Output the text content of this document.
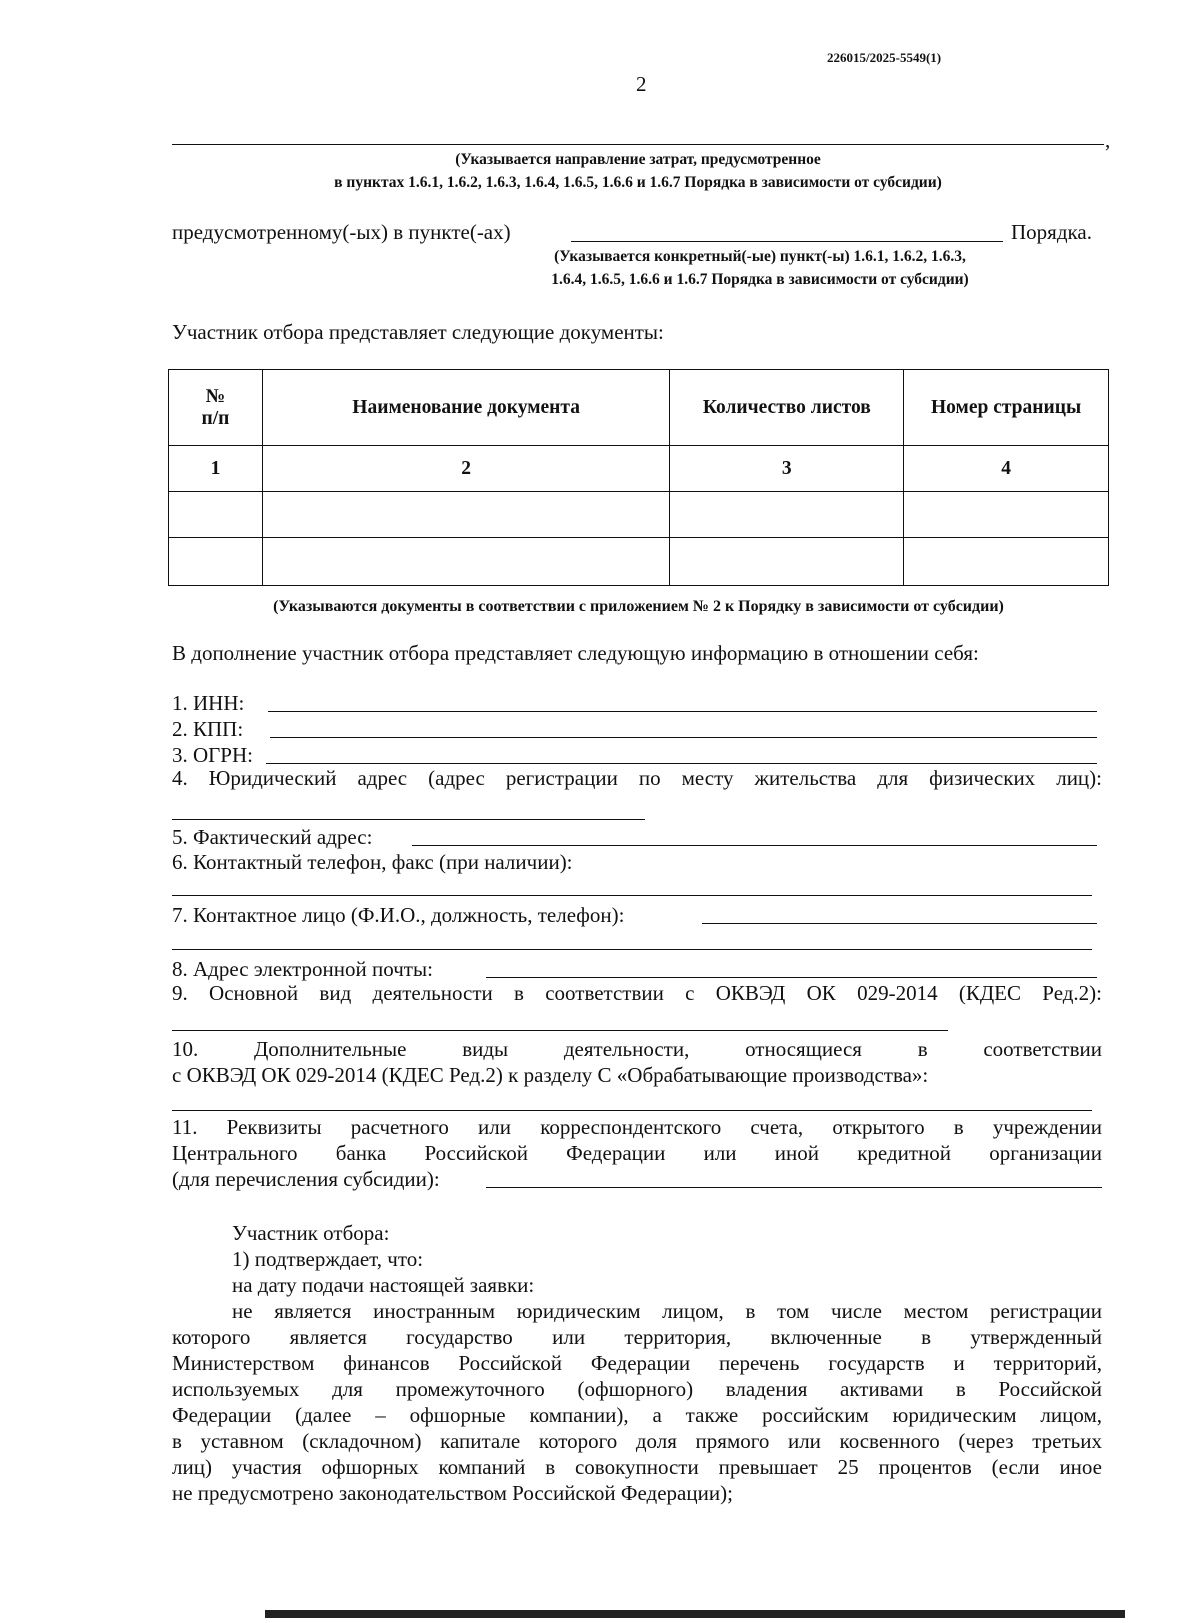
226015/2025-5549(1)
2
,
(Указывается направление затрат, предусмотренное
в пунктах 1.6.1, 1.6.2, 1.6.3, 1.6.4, 1.6.5, 1.6.6 и 1.6.7 Порядка в зависимости от субсидии)
предусмотренному(-ых) в пункте(-ах)	Порядка.
(Указывается конкретный(-ые) пункт(-ы) 1.6.1, 1.6.2, 1.6.3,
1.6.4, 1.6.5, 1.6.6 и 1.6.7 Порядка в зависимости от субсидии)
Участник отбора представляет следующие документы:
№
п/п	Наименование документа	Количество листов	Номер страницы
1	2	3	4

(Указываются документы в соответствии с приложением № 2 к Порядку в зависимости от субсидии)
В дополнение участник отбора представляет следующую информацию в отношении себя:
1. ИНН:
2. КПП:
3. ОГРН:
4. Юридический адрес (адрес регистрации по месту жительства для физических лиц):
5. Фактический адрес:
6. Контактный телефон, факс (при наличии):
7. Контактное лицо (Ф.И.О., должность, телефон):
8. Адрес электронной почты:
9. Основной вид деятельности в соответствии с ОКВЭД ОК 029-2014 (КДЕС Ред.2):
10. Дополнительные виды деятельности, относящиеся в соответствии
с ОКВЭД ОК 029-2014 (КДЕС Ред.2) к разделу С «Обрабатывающие производства»:
11. Реквизиты расчетного или корреспондентского счета, открытого в учреждении
Центрального банка Российской Федерации или иной кредитной организации
(для перечисления субсидии):
Участник отбора:
1) подтверждает, что:
на дату подачи настоящей заявки:
не является иностранным юридическим лицом, в том числе местом регистрации
которого является государство или территория, включенные в утвержденный
Министерством финансов Российской Федерации перечень государств и территорий,
используемых для промежуточного (офшорного) владения активами в Российской
Федерации (далее – офшорные компании), а также российским юридическим лицом,
в уставном (складочном) капитале которого доля прямого или косвенного (через третьих
лиц) участия офшорных компаний в совокупности превышает 25 процентов (если иное
не предусмотрено законодательством Российской Федерации);
